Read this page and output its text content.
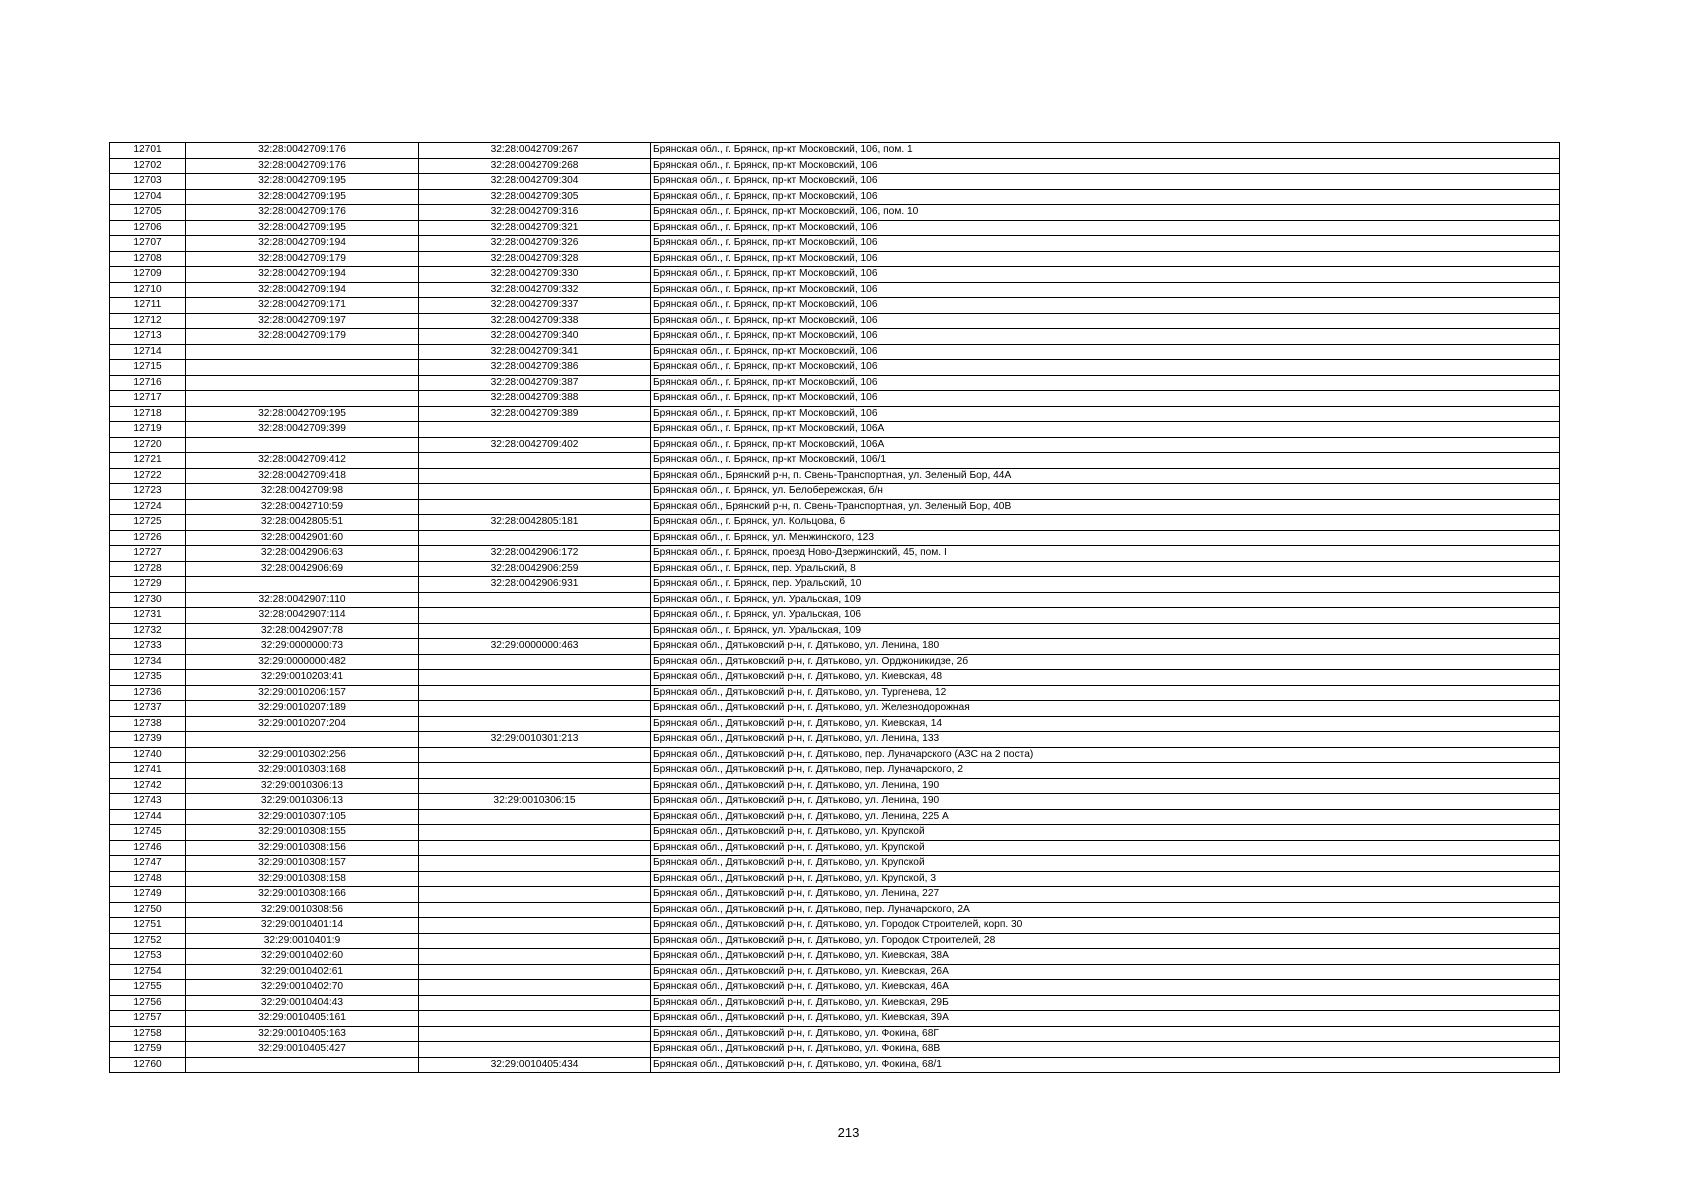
12701	32:28:0042709:176	32:28:0042709:267	Брянская обл., г. Брянск, пр-кт Московский, 106, пом. 1
12702	32:28:0042709:176	32:28:0042709:268	Брянская обл., г. Брянск, пр-кт Московский, 106
12703	32:28:0042709:195	32:28:0042709:304	Брянская обл., г. Брянск, пр-кт Московский, 106
12704	32:28:0042709:195	32:28:0042709:305	Брянская обл., г. Брянск, пр-кт Московский, 106
12705	32:28:0042709:176	32:28:0042709:316	Брянская обл., г. Брянск, пр-кт Московский, 106, пом. 10
12706	32:28:0042709:195	32:28:0042709:321	Брянская обл., г. Брянск, пр-кт Московский, 106
12707	32:28:0042709:194	32:28:0042709:326	Брянская обл., г. Брянск, пр-кт Московский, 106
12708	32:28:0042709:179	32:28:0042709:328	Брянская обл., г. Брянск, пр-кт Московский, 106
12709	32:28:0042709:194	32:28:0042709:330	Брянская обл., г. Брянск, пр-кт Московский, 106
12710	32:28:0042709:194	32:28:0042709:332	Брянская обл., г. Брянск, пр-кт Московский, 106
12711	32:28:0042709:171	32:28:0042709:337	Брянская обл., г. Брянск, пр-кт Московский, 106
12712	32:28:0042709:197	32:28:0042709:338	Брянская обл., г. Брянск, пр-кт Московский, 106
12713	32:28:0042709:179	32:28:0042709:340	Брянская обл., г. Брянск, пр-кт Московский, 106
12714		32:28:0042709:341	Брянская обл., г. Брянск, пр-кт Московский, 106
12715		32:28:0042709:386	Брянская обл., г. Брянск, пр-кт Московский, 106
12716		32:28:0042709:387	Брянская обл., г. Брянск, пр-кт Московский, 106
12717		32:28:0042709:388	Брянская обл., г. Брянск, пр-кт Московский, 106
12718	32:28:0042709:195	32:28:0042709:389	Брянская обл., г. Брянск, пр-кт Московский, 106
12719	32:28:0042709:399		Брянская обл., г. Брянск, пр-кт Московский, 106А
12720		32:28:0042709:402	Брянская обл., г. Брянск, пр-кт Московский, 106А
12721	32:28:0042709:412		Брянская обл., г. Брянск, пр-кт Московский, 106/1
12722	32:28:0042709:418		Брянская обл., Брянский р-н, п. Свень-Транспортная, ул. Зеленый Бор, 44А
12723	32:28:0042709:98		Брянская обл., г. Брянск, ул. Белобережская, б/н
12724	32:28:0042710:59		Брянская обл., Брянский р-н, п. Свень-Транспортная, ул. Зеленый Бор, 40В
12725	32:28:0042805:51	32:28:0042805:181	Брянская обл., г. Брянск, ул. Кольцова, 6
12726	32:28:0042901:60		Брянская обл., г. Брянск, ул. Менжинского, 123
12727	32:28:0042906:63	32:28:0042906:172	Брянская обл., г. Брянск, проезд Ново-Дзержинский, 45, пом. I
12728	32:28:0042906:69	32:28:0042906:259	Брянская обл., г. Брянск, пер. Уральский, 8
12729		32:28:0042906:931	Брянская обл., г. Брянск, пер. Уральский, 10
12730	32:28:0042907:110		Брянская обл., г. Брянск, ул. Уральская, 109
12731	32:28:0042907:114		Брянская обл., г. Брянск, ул. Уральская, 106
12732	32:28:0042907:78		Брянская обл., г. Брянск, ул. Уральская, 109
12733	32:29:0000000:73	32:29:0000000:463	Брянская обл., Дятьковский р-н, г. Дятьково, ул. Ленина, 180
12734	32:29:0000000:482		Брянская обл., Дятьковский р-н, г. Дятьково, ул. Орджоникидзе, 2б
12735	32:29:0010203:41		Брянская обл., Дятьковский р-н, г. Дятьково, ул. Киевская, 48
12736	32:29:0010206:157		Брянская обл., Дятьковский р-н, г. Дятьково, ул. Тургенева, 12
12737	32:29:0010207:189		Брянская обл., Дятьковский р-н, г. Дятьково, ул. Железнодорожная
12738	32:29:0010207:204		Брянская обл., Дятьковский р-н, г. Дятьково, ул. Киевская, 14
12739		32:29:0010301:213	Брянская обл., Дятьковский р-н, г. Дятьково, ул. Ленина, 133
12740	32:29:0010302:256		Брянская обл., Дятьковский р-н, г. Дятьково, пер. Луначарского (АЗС на 2 поста)
12741	32:29:0010303:168		Брянская обл., Дятьковский р-н, г. Дятьково, пер. Луначарского, 2
12742	32:29:0010306:13		Брянская обл., Дятьковский р-н, г. Дятьково, ул. Ленина, 190
12743	32:29:0010306:13	32:29:0010306:15	Брянская обл., Дятьковский р-н, г. Дятьково, ул. Ленина, 190
12744	32:29:0010307:105		Брянская обл., Дятьковский р-н, г. Дятьково, ул. Ленина, 225 А
12745	32:29:0010308:155		Брянская обл., Дятьковский р-н, г. Дятьково, ул. Крупской
12746	32:29:0010308:156		Брянская обл., Дятьковский р-н, г. Дятьково, ул. Крупской
12747	32:29:0010308:157		Брянская обл., Дятьковский р-н, г. Дятьково, ул. Крупской
12748	32:29:0010308:158		Брянская обл., Дятьковский р-н, г. Дятьково, ул. Крупской, 3
12749	32:29:0010308:166		Брянская обл., Дятьковский р-н, г. Дятьково, ул. Ленина, 227
12750	32:29:0010308:56		Брянская обл., Дятьковский р-н, г. Дятьково, пер. Луначарского, 2А
12751	32:29:0010401:14		Брянская обл., Дятьковский р-н, г. Дятьково, ул. Городок Строителей, корп. 30
12752	32:29:0010401:9		Брянская обл., Дятьковский р-н, г. Дятьково, ул. Городок Строителей, 28
12753	32:29:0010402:60		Брянская обл., Дятьковский р-н, г. Дятьково, ул. Киевская, 38А
12754	32:29:0010402:61		Брянская обл., Дятьковский р-н, г. Дятьково, ул. Киевская, 26А
12755	32:29:0010402:70		Брянская обл., Дятьковский р-н, г. Дятьково, ул. Киевская, 46А
12756	32:29:0010404:43		Брянская обл., Дятьковский р-н, г. Дятьково, ул. Киевская, 29Б
12757	32:29:0010405:161		Брянская обл., Дятьковский р-н, г. Дятьково, ул. Киевская, 39А
12758	32:29:0010405:163		Брянская обл., Дятьковский р-н, г. Дятьково, ул. Фокина, 68Г
12759	32:29:0010405:427		Брянская обл., Дятьковский р-н, г. Дятьково, ул. Фокина, 68В
12760		32:29:0010405:434	Брянская обл., Дятьковский р-н, г. Дятьково, ул. Фокина, 68/1
213
